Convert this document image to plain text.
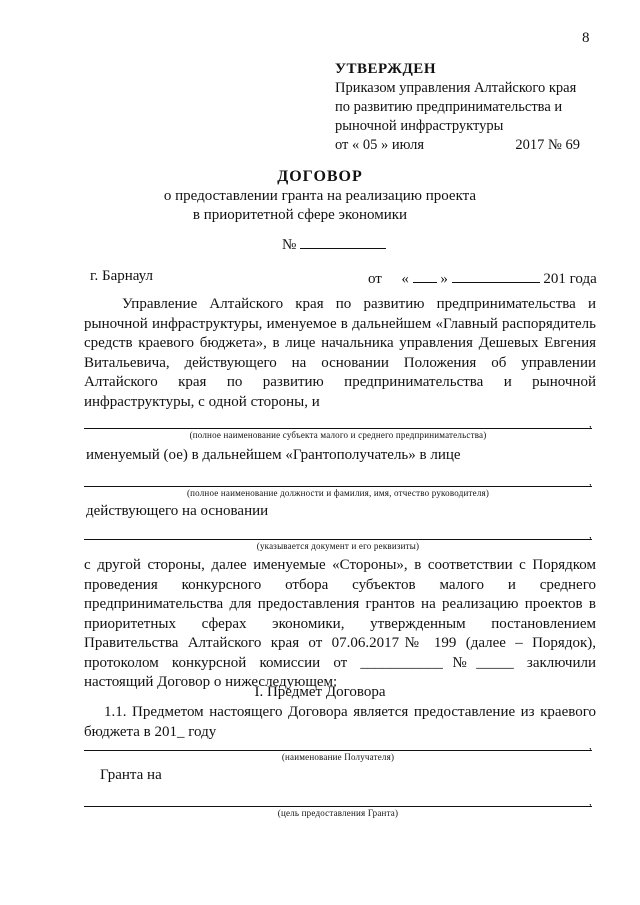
8
УТВЕРЖДЕН
Приказом управления Алтайского края
по развитию предпринимательства и
рыночной инфраструктуры
от « 05 » июля	2017 № 69
ДОГОВОР
о предоставлении гранта на реализацию проекта
в приоритетной сфере экономики
№
г. Барнаул	от « »	201 года
Управление Алтайского края по развитию предпринимательства и рыночной инфраструктуры, именуемое в дальнейшем «Главный распорядитель средств краевого бюджета», в лице начальника управления Дешевых Евгения Витальевича, действующего на основании Положения об управлении Алтайского края по развитию предпринимательства и рыночной инфраструктуры, с одной стороны, и
,
(полное наименование субъекта малого и среднего предпринимательства)
именуемый (ое) в дальнейшем «Грантополучатель» в лице
,
(полное наименование должности и фамилия, имя, отчество руководителя)
действующего на основании
,
(указывается документ и его реквизиты)
с другой стороны, далее именуемые «Стороны», в соответствии с Порядком проведения конкурсного отбора субъектов малого и среднего предпринимательства для предоставления грантов на реализацию проектов в приоритетных сферах экономики, утвержденным постановлением Правительства Алтайского края от 07.06.2017№ 199 (далее – Порядок), протоколом конкурсной комиссии от ___________№_____ заключили настоящий Договор о нижеследующем:
I. Предмет Договора
1.1. Предметом настоящего Договора является предоставление из краевого бюджета в 201_ году
,
(наименование Получателя)
Гранта на
,
(цель предоставления Гранта)
